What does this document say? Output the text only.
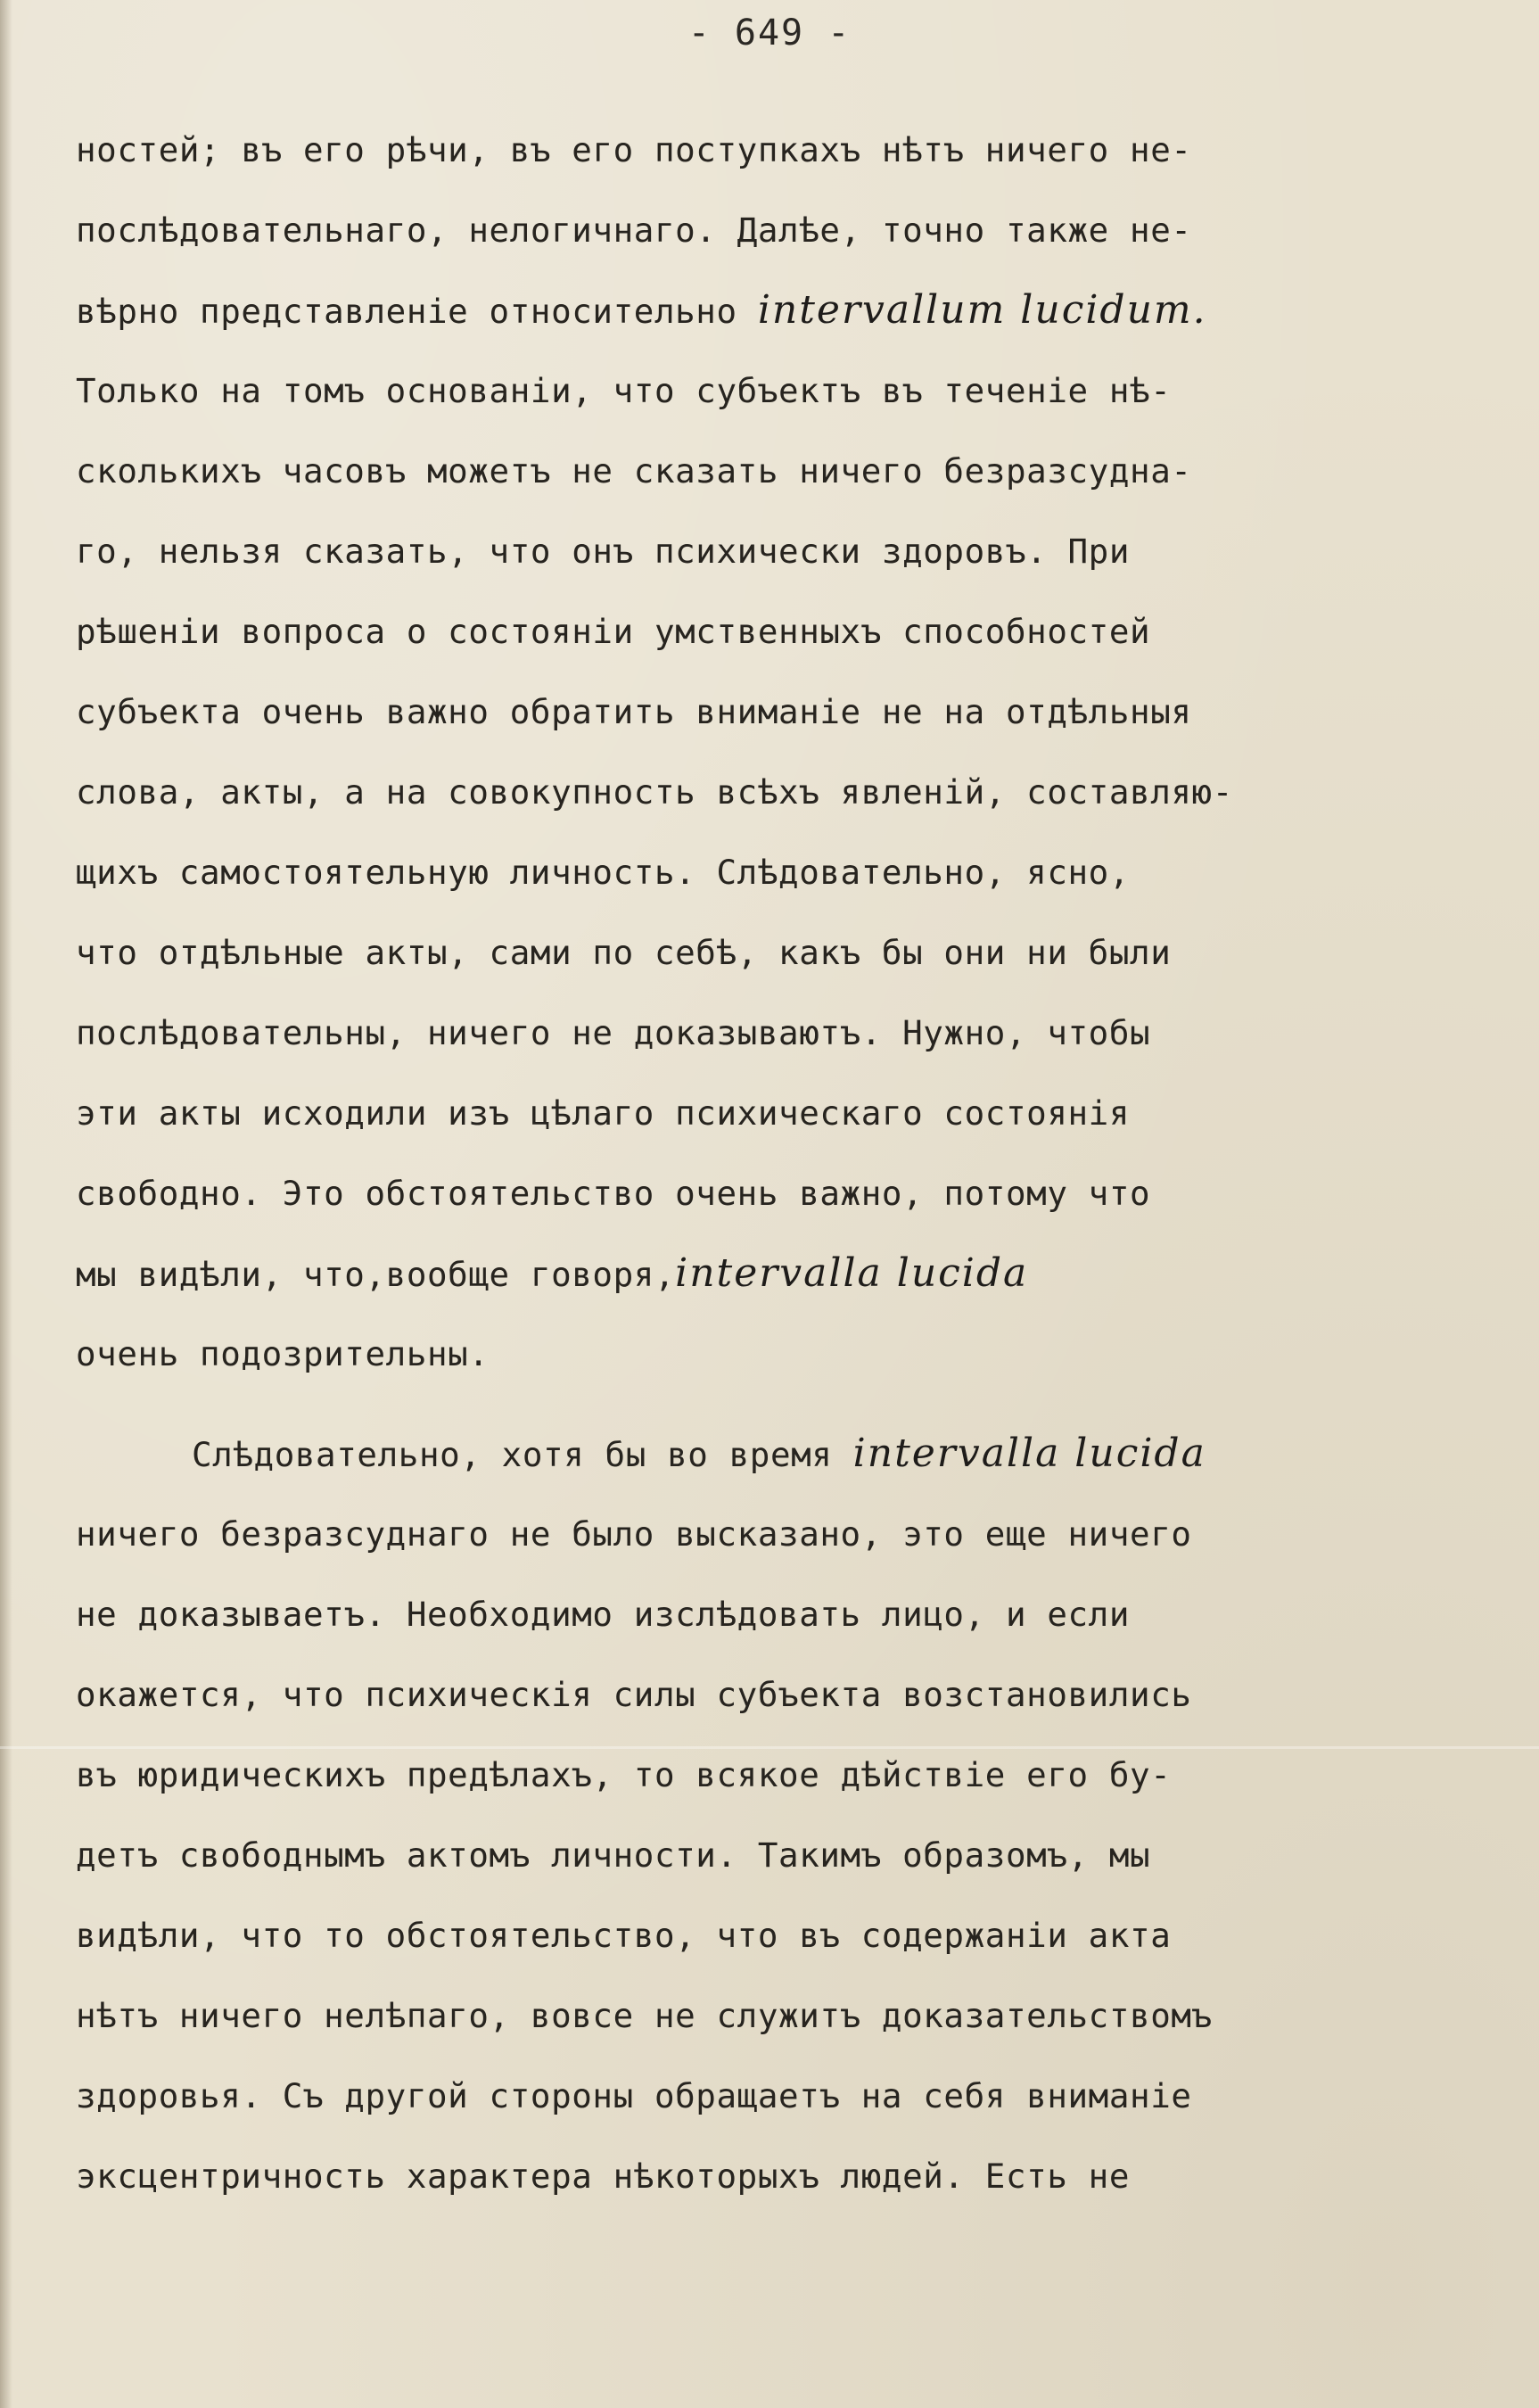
- 649 -
ностей; въ его рѣчи, въ его поступкахъ нѣтъ ничего не-
послѣдовательнаго, нелогичнаго. Далѣе, точно также не-
вѣрно представленіе относительно intervallum lucidum.
Только на томъ основаніи, что субъектъ въ теченіе нѣ-
сколькихъ часовъ можетъ не сказать ничего безразсудна-
го, нельзя сказать, что онъ психически здоровъ. При
рѣшеніи вопроса о состояніи умственныхъ способностей
субъекта очень важно обратить вниманіе не на отдѣльныя
слова, акты, а на совокупность всѣхъ явленій, составляю-
щихъ самостоятельную личность. Слѣдовательно, ясно,
что отдѣльные акты, сами по себѣ, какъ бы они ни были
послѣдовательны, ничего не доказываютъ. Нужно, чтобы
эти акты исходили изъ цѣлаго психическаго состоянія
свободно. Это обстоятельство очень важно, потому что
мы видѣли, что,вообще говоря,intervalla lucida
очень подозрительны.
Слѣдовательно, хотя бы во время intervalla lucida
ничего безразсуднаго не было высказано, это еще ничего
не доказываетъ. Необходимо изслѣдовать лицо, и если
окажется, что психическія силы субъекта возстановились
въ юридическихъ предѣлахъ, то всякое дѣйствіе его бу-
детъ свободнымъ актомъ личности. Такимъ образомъ, мы
видѣли, что то обстоятельство, что въ содержаніи акта
нѣтъ ничего нелѣпаго, вовсе не служитъ доказательствомъ
здоровья. Съ другой стороны обращаетъ на себя вниманіе
эксцентричность характера нѣкоторыхъ людей. Есть не
